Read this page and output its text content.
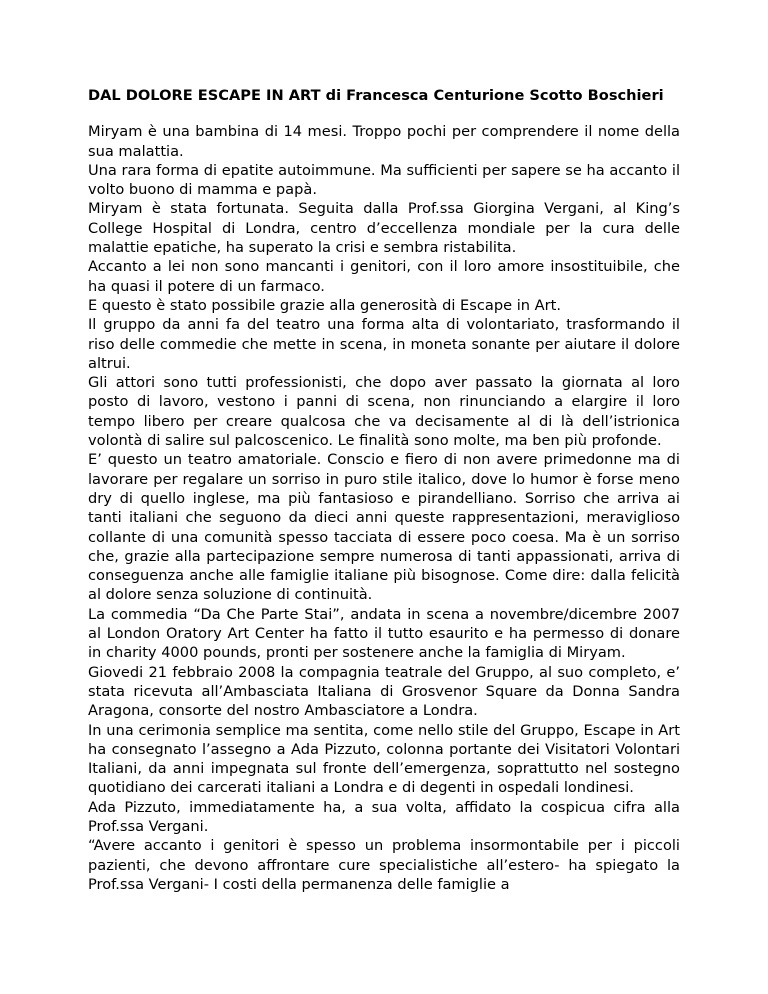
DAL DOLORE ESCAPE IN ART di Francesca Centurione Scotto Boschieri

Miryam è una bambina di 14 mesi. Troppo pochi per comprendere il nome della sua malattia.

Una rara forma di epatite autoimmune. Ma sufficienti per sapere se ha accanto il volto buono di mamma e papà.

Miryam è stata fortunata. Seguita dalla Prof.ssa Giorgina Vergani, al King’s College Hospital di Londra, centro d’eccellenza mondiale per la cura delle malattie epatiche, ha superato la crisi e sembra ristabilita.

Accanto a lei non sono mancanti i genitori, con il loro amore insostituibile, che ha quasi il potere di un farmaco.

E questo è stato possibile grazie alla generosità di Escape in Art.

Il gruppo da anni fa del teatro una forma alta di volontariato, trasformando il riso delle commedie che mette in scena, in moneta sonante per aiutare il dolore altrui.

Gli attori sono tutti professionisti, che dopo aver passato la giornata al loro posto di lavoro, vestono i panni di scena, non rinunciando a elargire il loro tempo libero per creare qualcosa che va decisamente al di là dell’istrionica volontà di salire sul palcoscenico. Le finalità sono molte, ma ben più profonde.

E’ questo un teatro amatoriale. Conscio e fiero di non avere primedonne ma di lavorare per regalare un sorriso in puro stile italico, dove lo humor è forse meno dry di quello inglese, ma più fantasioso e pirandelliano. Sorriso che arriva ai tanti italiani che seguono da dieci anni queste rappresentazioni, meraviglioso collante di una comunità spesso tacciata di essere poco coesa. Ma è un sorriso che, grazie alla partecipazione sempre numerosa di tanti appassionati, arriva di conseguenza anche alle famiglie italiane più bisognose. Come dire: dalla felicità al dolore senza soluzione di continuità.

La commedia “Da Che Parte Stai”, andata in scena a novembre/dicembre 2007 al London Oratory Art Center ha fatto il tutto esaurito e ha permesso di donare in charity 4000 pounds, pronti per sostenere anche la famiglia di Miryam.

Giovedi 21 febbraio 2008 la compagnia teatrale del Gruppo, al suo completo, e’ stata ricevuta all’Ambasciata Italiana di Grosvenor Square da Donna Sandra Aragona, consorte del nostro Ambasciatore a Londra.

In una cerimonia semplice ma sentita, come nello stile del Gruppo, Escape in Art ha consegnato l’assegno a Ada Pizzuto, colonna portante dei Visitatori Volontari Italiani, da anni impegnata sul fronte dell’emergenza, soprattutto nel sostegno quotidiano dei carcerati italiani a Londra e di degenti in ospedali londinesi.

Ada Pizzuto, immediatamente ha, a sua volta, affidato la cospicua cifra alla Prof.ssa Vergani.

“Avere accanto i genitori è spesso un problema insormontabile per i piccoli pazienti, che devono affrontare cure specialistiche all’estero- ha spiegato la Prof.ssa Vergani- I costi della permanenza delle famiglie a
